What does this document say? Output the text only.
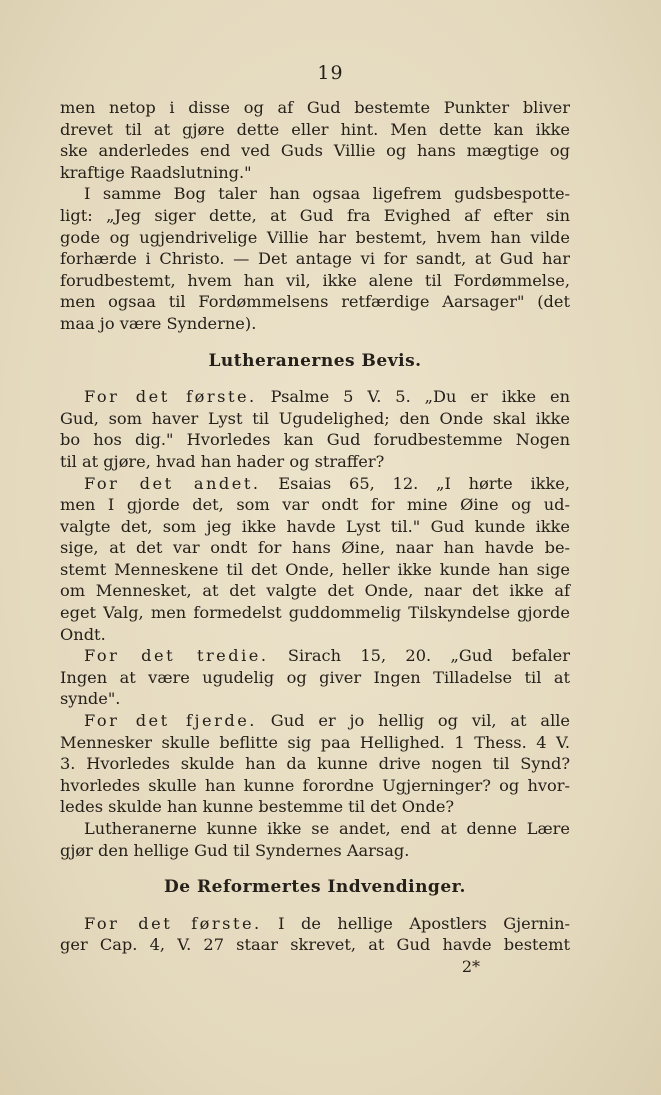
19
men netop i disse og af Gud bestemte Punkter bliver
drevet til at gjøre dette eller hint. Men dette kan ikke
ske anderledes end ved Guds Villie og hans mægtige og
kraftige Raadslutning."
I samme Bog taler han ogsaa ligefrem gudsbespotte-
ligt: „Jeg siger dette, at Gud fra Evighed af efter sin
gode og ugjendrivelige Villie har bestemt, hvem han vilde
forhærde i Christo. — Det antage vi for sandt, at Gud har
forudbestemt, hvem han vil, ikke alene til Fordømmelse,
men ogsaa til Fordømmelsens retfærdige Aarsager" (det
maa jo være Synderne).
Lutheranernes Bevis.
For det første. Psalme 5 V. 5. „Du er ikke en
Gud, som haver Lyst til Ugudelighed; den Onde skal ikke
bo hos dig." Hvorledes kan Gud forudbestemme Nogen
til at gjøre, hvad han hader og straffer?
For det andet. Esaias 65, 12. „I hørte ikke,
men I gjorde det, som var ondt for mine Øine og ud-
valgte det, som jeg ikke havde Lyst til." Gud kunde ikke
sige, at det var ondt for hans Øine, naar han havde be-
stemt Menneskene til det Onde, heller ikke kunde han sige
om Mennesket, at det valgte det Onde, naar det ikke af
eget Valg, men formedelst guddommelig Tilskyndelse gjorde
Ondt.
For det tredie. Sirach 15, 20. „Gud befaler
Ingen at være ugudelig og giver Ingen Tilladelse til at
synde".
For det fjerde. Gud er jo hellig og vil, at alle
Mennesker skulle beflitte sig paa Hellighed. 1 Thess. 4 V.
3. Hvorledes skulde han da kunne drive nogen til Synd?
hvorledes skulle han kunne forordne Ugjerninger? og hvor-
ledes skulde han kunne bestemme til det Onde?
Lutheranerne kunne ikke se andet, end at denne Lære
gjør den hellige Gud til Syndernes Aarsag.
De Reformertes Indvendinger.
For det første. I de hellige Apostlers Gjernin-
ger Cap. 4, V. 27 staar skrevet, at Gud havde bestemt
2*
